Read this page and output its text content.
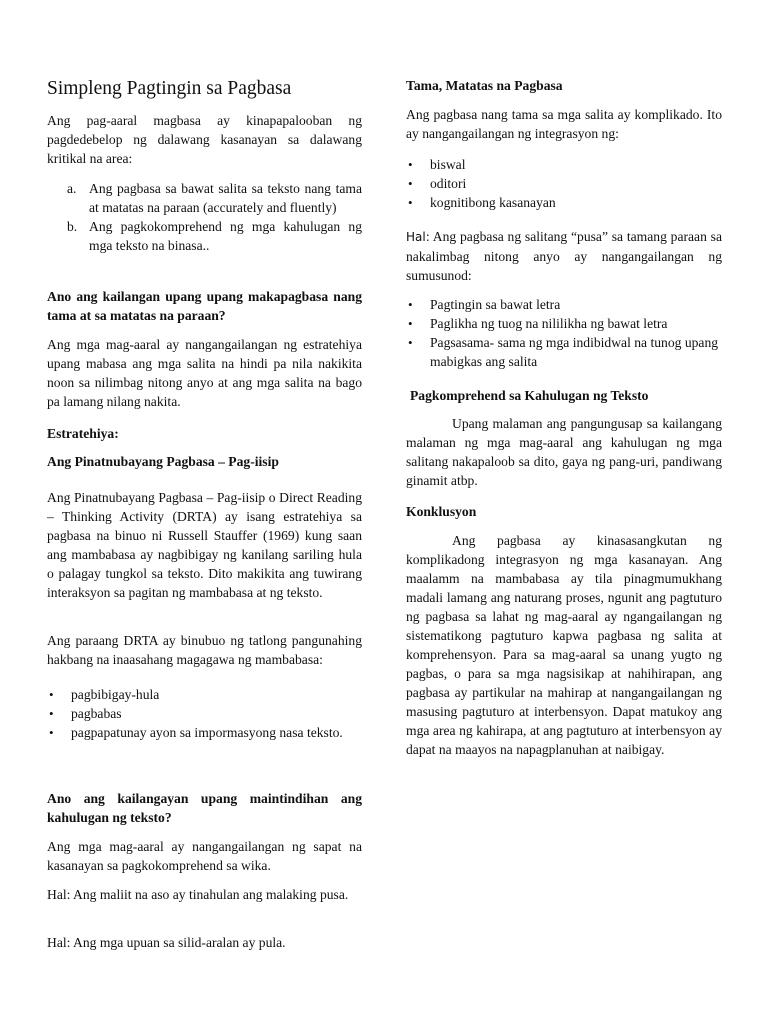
Simpleng Pagtingin sa Pagbasa

Ang pag-aaral magbasa ay kinapapalooban ng pagdedebelop ng dalawang kasanayan sa dalawang kritikal na area:

a. Ang pagbasa sa bawat salita sa teksto nang tama at matatas na paraan (accurately and fluently)
b. Ang pagkokomprehend ng mga kahulugan ng mga teksto na binasa..

Ano ang kailangan upang upang makapagbasa nang tama at sa matatas na paraan?

Ang mga mag-aaral ay nangangailangan ng estratehiya upang mabasa ang mga salita na hindi pa nila nakikita noon sa nilimbag nitong anyo at ang mga salita na bago pa lamang nilang nakita.

Estratehiya:

Ang Pinatnubayang Pagbasa – Pag-iisip

Ang Pinatnubayang Pagbasa – Pag-iisip o Direct Reading – Thinking Activity (DRTA) ay isang estratehiya sa pagbasa na binuo ni Russell Stauffer (1969) kung saan ang mambabasa ay nagbibigay ng kanilang sariling hula o palagay tungkol sa teksto. Dito makikita ang tuwirang interaksyon sa pagitan ng mambabasa at ng teksto.

Ang paraang DRTA ay binubuo ng tatlong pangunahing hakbang na inaasahang magagawa ng mambabasa:

• pagbibigay-hula
• pagbabas
• pagpapatunay ayon sa impormasyong nasa teksto.

Ano ang kailangayan upang maintindihan ang kahulugan ng teksto?

Ang mga mag-aaral ay nangangailangan ng sapat na kasanayan sa pagkokomprehend sa wika.

Hal: Ang maliit na aso ay tinahulan ang malaking pusa.

Hal: Ang mga upuan sa silid-aralan ay pula.

Tama, Matatas na Pagbasa

Ang pagbasa nang tama sa mga salita ay komplikado. Ito ay nangangailangan ng integrasyon ng:

• biswal
• oditori
• kognitibong kasanayan

Hal: Ang pagbasa ng salitang “pusa” sa tamang paraan sa nakalimbag nitong anyo ay nangangailangan ng sumusunod:

• Pagtingin sa bawat letra
• Paglikha ng tuog na nililikha ng bawat letra
• Pagsasama- sama ng mga indibidwal na tunog upang mabigkas ang salita

Pagkomprehend sa Kahulugan ng Teksto

Upang malaman ang pangungusap sa kailangang malaman ng mga mag-aaral ang kahulugan ng mga salitang nakapaloob sa dito, gaya ng pang-uri, pandiwang ginamit atbp.

Konklusyon

Ang pagbasa ay kinasasangkutan ng komplikadong integrasyon ng mga kasanayan. Ang maalamm na mambabasa ay tila pinagmumukhang madali lamang ang naturang proses, ngunit ang pagtuturo ng pagbasa sa lahat ng mag-aaral ay ngangailangan ng sistematikong pagtuturo kapwa pagbasa ng salita at komprehensyon. Para sa mag-aaral sa unang yugto ng pagbas, o para sa mga nagsisikap at nahihirapan, ang pagbasa ay partikular na mahirap at nangangailangan ng masusing pagtuturo at interbensyon. Dapat matukoy ang mga area ng kahirapa, at ang pagtuturo at interbensyon ay dapat na maayos na napagplanuhan at naibigay.
